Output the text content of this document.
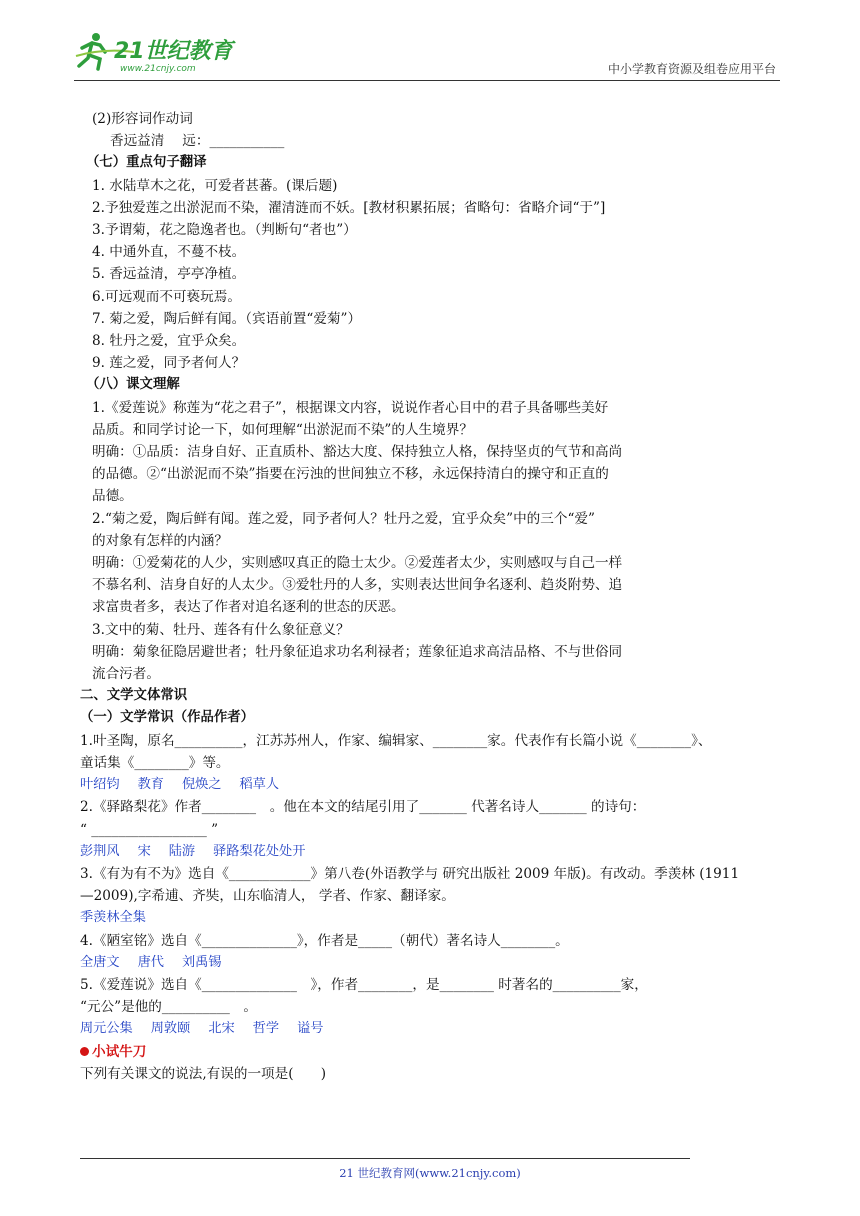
21世纪教育
www.21cnjy.com	中小学教育资源及组卷应用平台
(2)形容词作动词
香远益清　 远：___________
（七）重点句子翻译
1. 水陆草木之花，可爱者甚蕃。(课后题)
2.予独爱莲之出淤泥而不染，濯清涟而不妖。[教材积累拓展；省略句：省略介词“于”]
3.予谓菊，花之隐逸者也。（判断句“者也”）
4. 中通外直，不蔓不枝。
5. 香远益清，亭亭净植。
6.可远观而不可亵玩焉。
7. 菊之爱，陶后鲜有闻。（宾语前置“爱菊”）
8. 牡丹之爱，宜乎众矣。
9. 莲之爱，同予者何人？
（八）课文理解
1.《爱莲说》称莲为“花之君子”，根据课文内容，说说作者心目中的君子具备哪些美好
品质。和同学讨论一下，如何理解“出淤泥而不染”的人生境界？
明确：①品质：洁身自好、正直质朴、豁达大度、保持独立人格，保持坚贞的气节和高尚
的品德。②“出淤泥而不染”指要在污浊的世间独立不移，永远保持清白的操守和正直的
品德。
2.“菊之爱，陶后鲜有闻。莲之爱，同予者何人？牡丹之爱，宜乎众矣”中的三个“爱”
的对象有怎样的内涵？
明确：①爱菊花的人少，实则感叹真正的隐士太少。②爱莲者太少，实则感叹与自己一样
不慕名利、洁身自好的人太少。③爱牡丹的人多，实则表达世间争名逐利、趋炎附势、追
求富贵者多，表达了作者对追名逐利的世态的厌恶。
3.文中的菊、牡丹、莲各有什么象征意义？
明确：菊象征隐居避世者；牡丹象征追求功名利禄者；莲象征追求高洁品格、不与世俗同
流合污者。
二、文学文体常识
（一）文学常识（作品作者）
1.叶圣陶，原名__________，江苏苏州人，作家、编辑家、________家。代表作有长篇小说《________》、
童话集《________》等。
叶绍钧 教育 倪焕之 稻草人
2.《驿路梨花》作者________　。他在本文的结尾引用了_______ 代著名诗人_______ 的诗句：
“ _________________ ”
彭荆风 宋 陆游 驿路梨花处处开
3.《有为有不为》选自《____________》第八卷(外语教学与 研究出版社 2009 年版)。有改动。季羡林 (1911
—2009),字希逋、齐奘，山东临清人， 学者、作家、翻译家。
季羡林全集
4.《陋室铭》选自《______________》，作者是_____（朝代）著名诗人________。
全唐文 唐代 刘禹锡
5.《爱莲说》选自《______________　》，作者________，是________ 时著名的__________家，
“元公”是他的__________　。
周元公集 周敦颐 北宋 哲学 谥号
小试牛刀
下列有关课文的说法,有误的一项是(　　)
21 世纪教育网(www.21cnjy.com)
